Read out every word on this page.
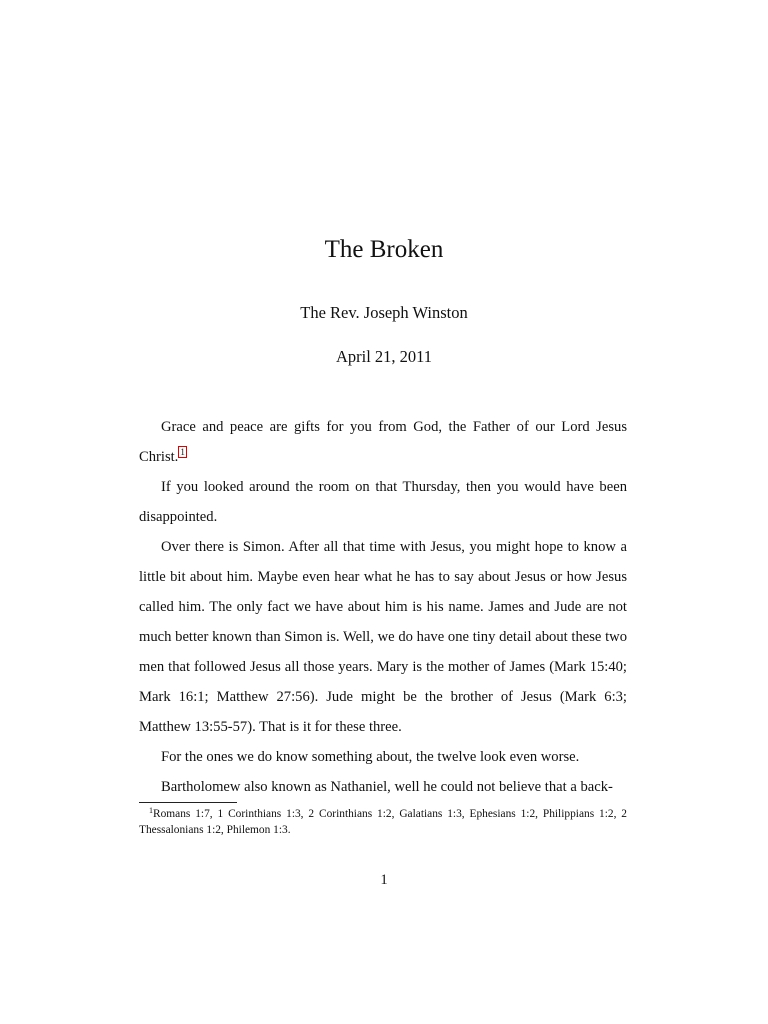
The Broken
The Rev. Joseph Winston
April 21, 2011

Grace and peace are gifts for you from God, the Father of our Lord Jesus Christ. 1

If you looked around the room on that Thursday, then you would have been disappointed.

Over there is Simon. After all that time with Jesus, you might hope to know a little bit about him. Maybe even hear what he has to say about Jesus or how Jesus called him. The only fact we have about him is his name. James and Jude are not much better known than Simon is. Well, we do have one tiny detail about these two men that followed Jesus all those years. Mary is the mother of James (Mark 15:40; Mark 16:1; Matthew 27:56). Jude might be the brother of Jesus (Mark 6:3; Matthew 13:55-57). That is it for these three.

For the ones we do know something about, the twelve look even worse.

Bartholomew also known as Nathaniel, well he could not believe that a back-

$^1$Romans 1:7, 1 Corinthians 1:3, 2 Corinthians 1:2, Galatians 1:3, Ephesians 1:2, Philippians 1:2, 2 Thessalonians 1:2, Philemon 1:3.

1
